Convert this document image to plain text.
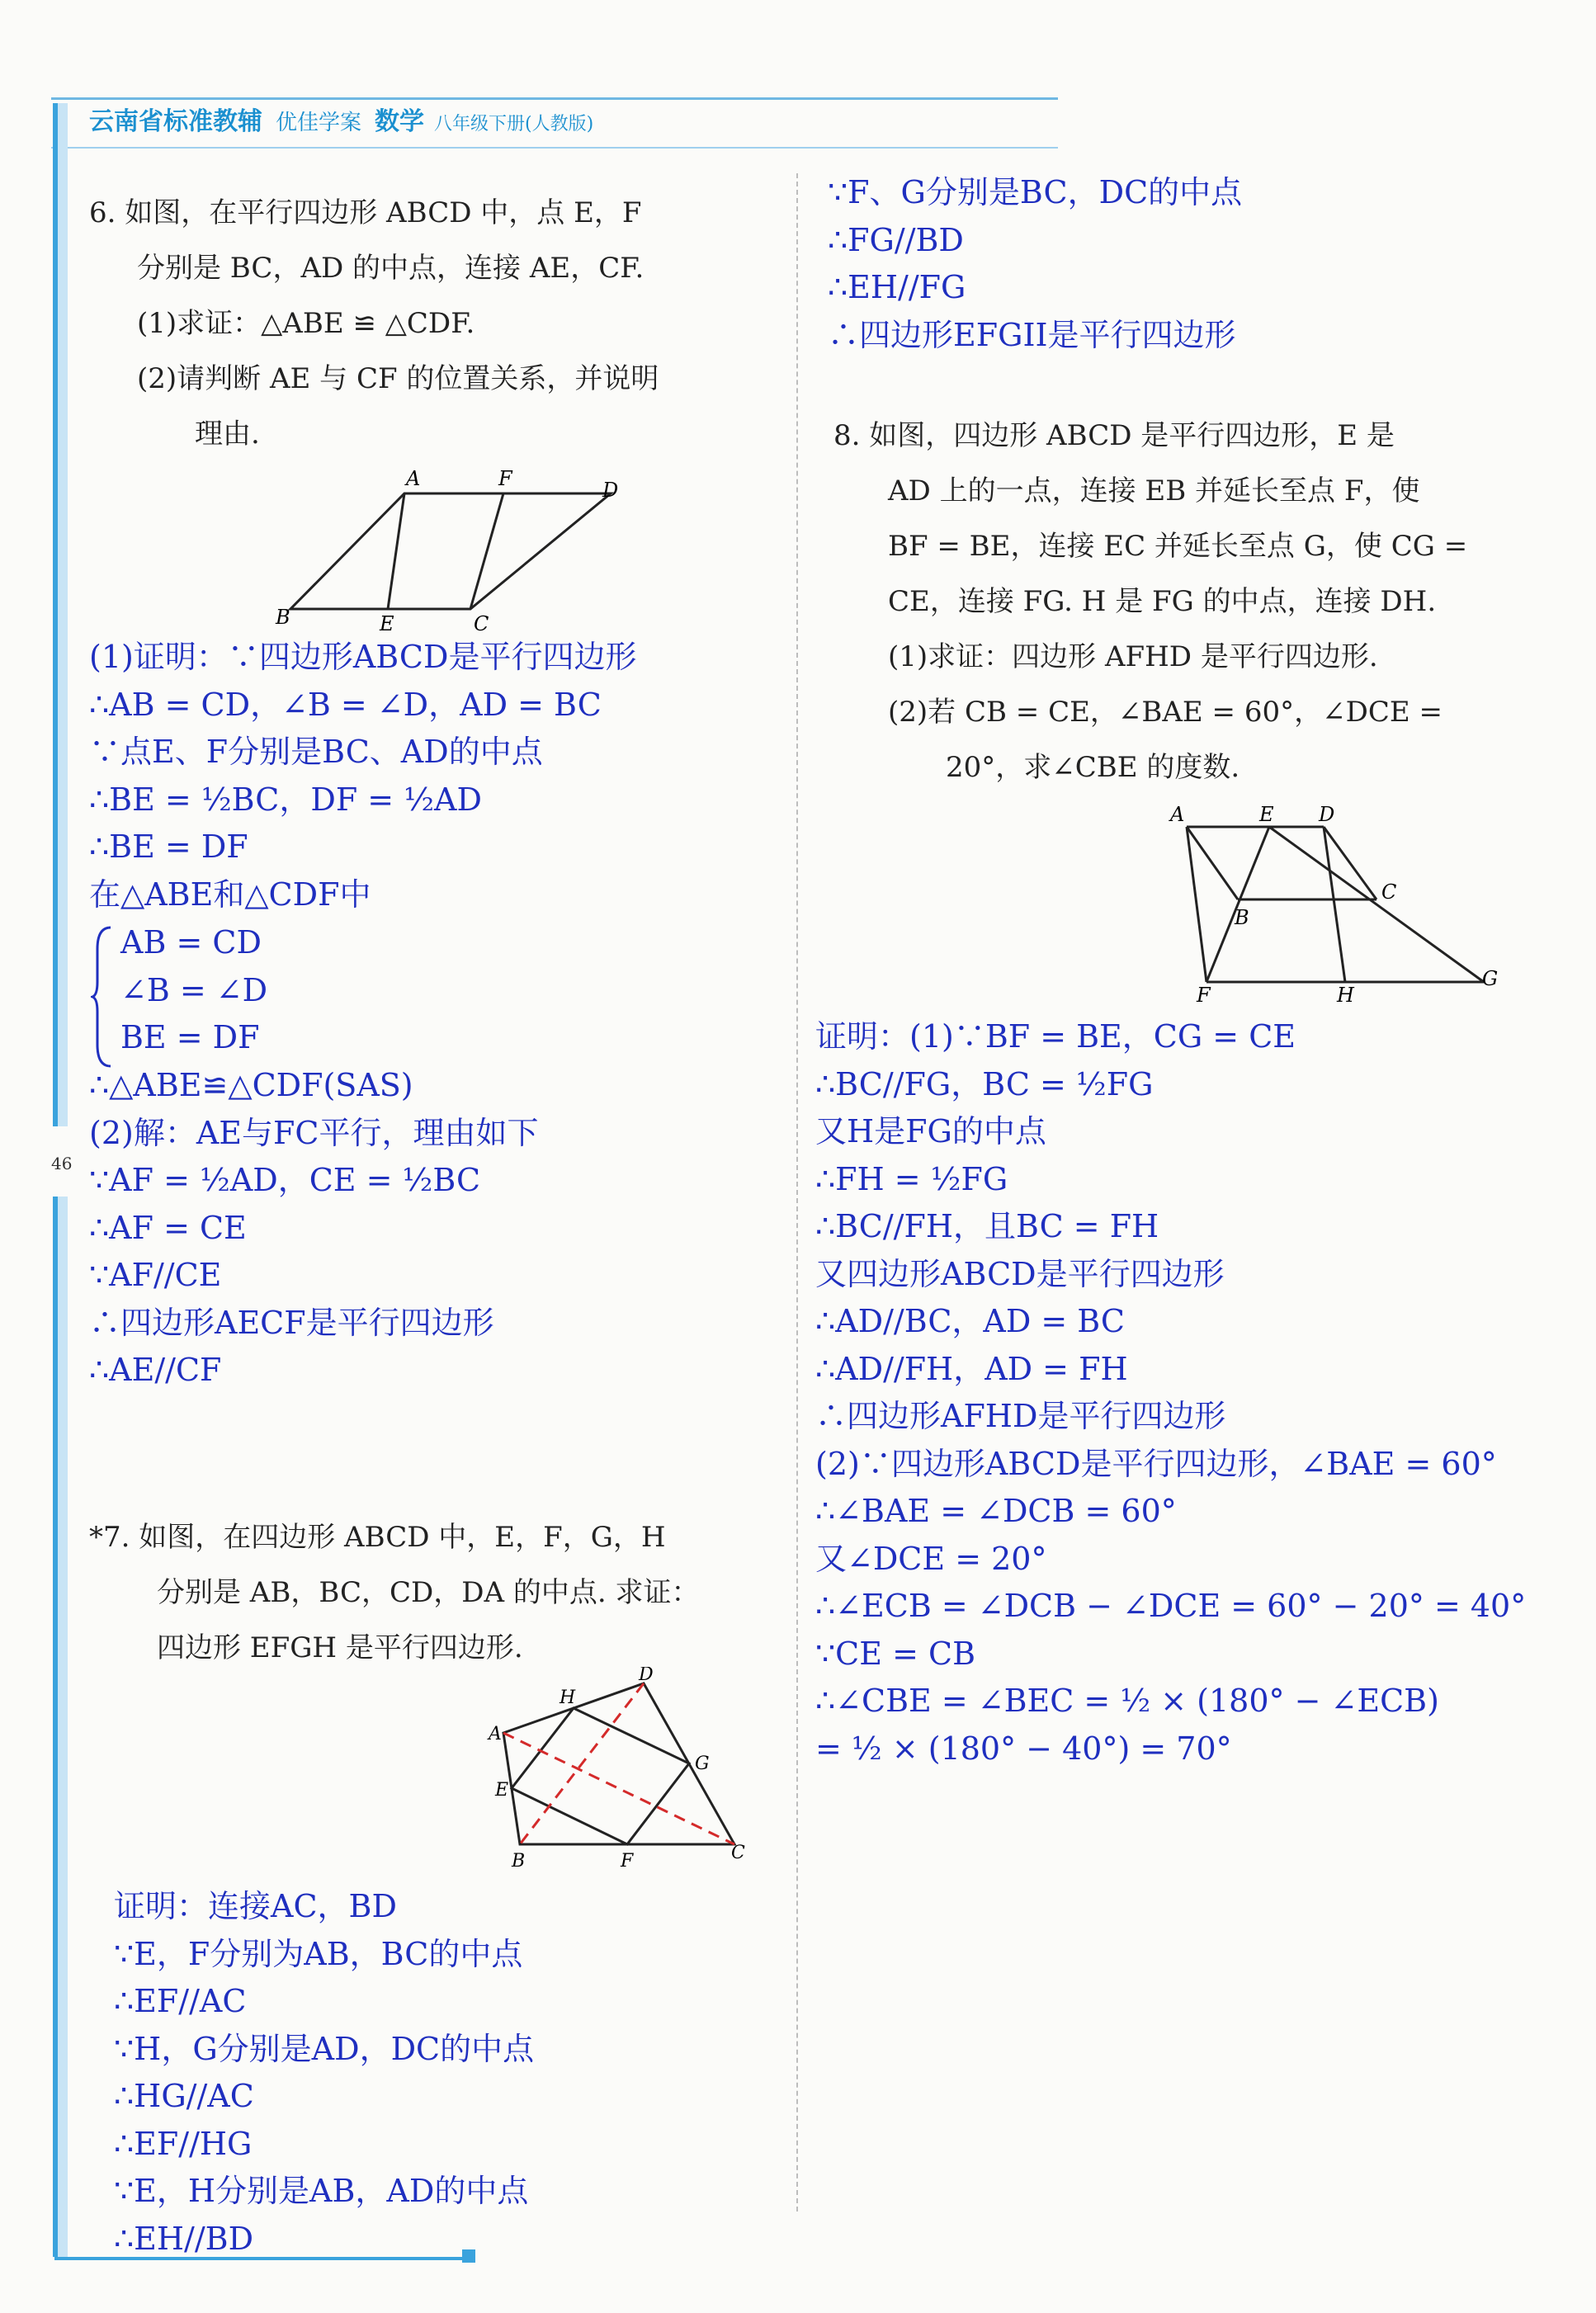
云南省标准教辅 优佳学案 数学 八年级下册(人教版)
46
6. 如图，在平行四边形 ABCD 中，点 E，F
分别是 BC，AD 的中点，连接 AE，CF.
(1)求证：△ABE ≌ △CDF.
(2)请判断 AE 与 CF 的位置关系，并说明
理由.
A	F	D
B	E	C
(1)证明：∵四边形ABCD是平行四边形
∴AB = CD，∠B = ∠D，AD = BC
∵点E、F分别是BC、AD的中点
∴BE = ½BC，DF = ½AD
∴BE = DF
在△ABE和△CDF中
AB = CD
∠B = ∠D
BE = DF
∴△ABE≌△CDF(SAS)
(2)解：AE与FC平行，理由如下
∵AF = ½AD，CE = ½BC
∴AF = CE
∵AF//CE
∴四边形AECF是平行四边形
∴AE//CF
*7. 如图，在四边形 ABCD 中，E，F，G，H
分别是 AB，BC，CD，DA 的中点. 求证：
四边形 EFGH 是平行四边形.
A
H
D
E
G
B	F	C
证明：连接AC，BD
∵E，F分别为AB，BC的中点
∴EF//AC
∵H，G分别是AD，DC的中点
∴HG//AC
∴EF//HG
∵E，H分别是AB，AD的中点
∴EH//BD
∵F、G分别是BC，DC的中点
∴FG//BD
∴EH//FG
∴四边形EFGII是平行四边形
8. 如图，四边形 ABCD 是平行四边形，E 是
AD 上的一点，连接 EB 并延长至点 F，使
BF = BE，连接 EC 并延长至点 G，使 CG =
CE，连接 FG. H 是 FG 的中点，连接 DH.
(1)求证：四边形 AFHD 是平行四边形.
(2)若 CB = CE，∠BAE = 60°，∠DCE =
20°，求∠CBE 的度数.
A	E D
C
B
F	H
G
证明：(1)∵BF = BE，CG = CE
∴BC//FG，BC = ½FG
又H是FG的中点
∴FH = ½FG
∴BC//FH，且BC = FH
又四边形ABCD是平行四边形
∴AD//BC，AD = BC
∴AD//FH，AD = FH
∴四边形AFHD是平行四边形
(2)∵四边形ABCD是平行四边形，∠BAE = 60°
∴∠BAE = ∠DCB = 60°
又∠DCE = 20°
∴∠ECB = ∠DCB − ∠DCE = 60° − 20° = 40°
∵CE = CB
∴∠CBE = ∠BEC = ½ × (180° − ∠ECB)
= ½ × (180° − 40°) = 70°
